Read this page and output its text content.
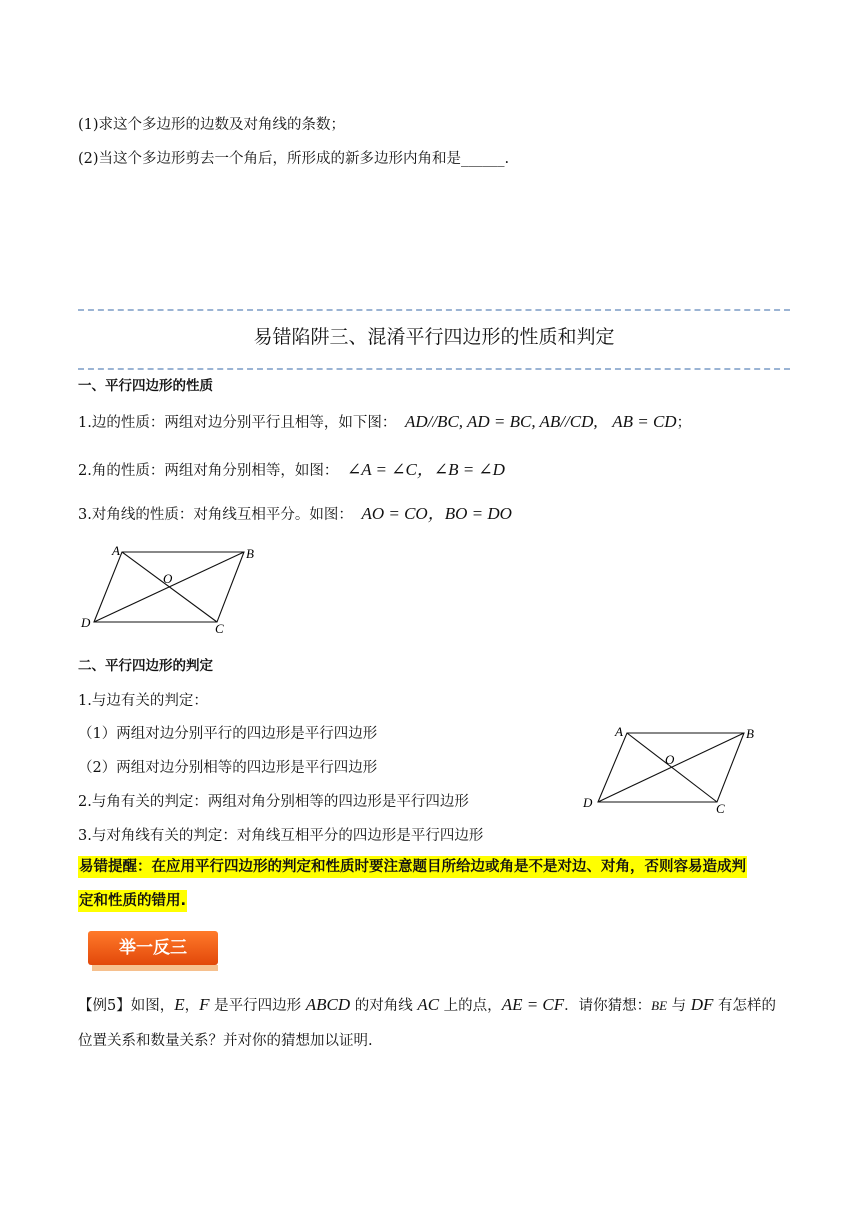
(1)求这个多边形的边数及对角线的条数；
(2)当这个多边形剪去一个角后，所形成的新多边形内角和是______.
易错陷阱三、混淆平行四边形的性质和判定
一、平行四边形的性质
1.边的性质：两组对边分别平行且相等，如下图： AD//BC, AD = BC, AB//CD, AB = CD；
2.角的性质：两组对角分别相等，如图： ∠A = ∠C，∠B = ∠D
3.对角线的性质：对角线互相平分。如图： AO = CO，BO = DO
A	B
C
D
O
二、平行四边形的判定
1.与边有关的判定：
（1）两组对边分别平行的四边形是平行四边形
（2）两组对边分别相等的四边形是平行四边形
2.与角有关的判定：两组对角分别相等的四边形是平行四边形
3.与对角线有关的判定：对角线互相平分的四边形是平行四边形
A	B
C
D
O
易错提醒：在应用平行四边形的判定和性质时要注意题目所给边或角是不是对边、对角，否则容易造成判
定和性质的错用.
举一反三
【例5】如图，E，F 是平行四边形 ABCD 的对角线 AC 上的点，AE = CF．请你猜想：BE 与 DF 有怎样的
位置关系和数量关系？并对你的猜想加以证明.
